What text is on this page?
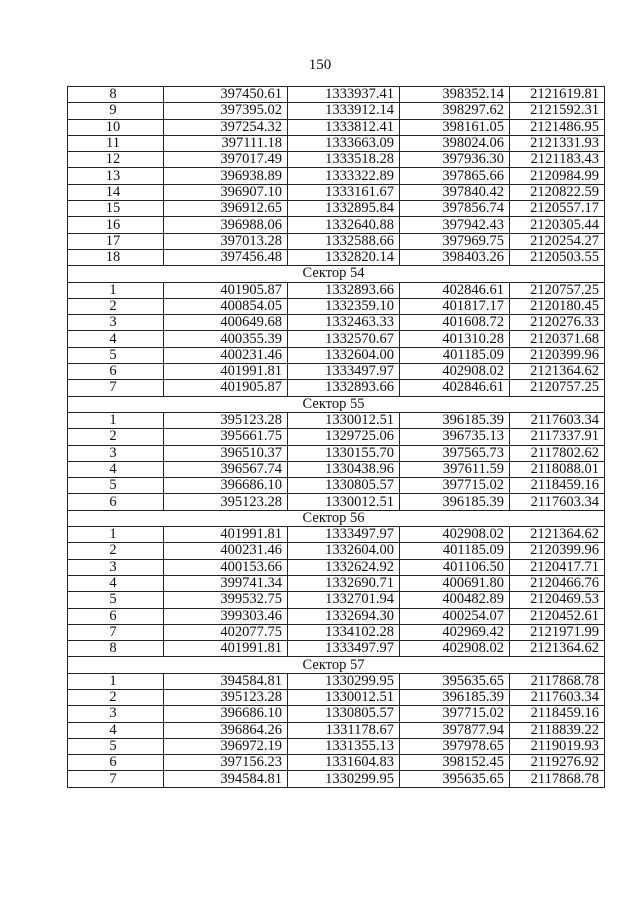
150
8	397450.61	1333937.41	398352.14	2121619.81
9	397395.02	1333912.14	398297.62	2121592.31
10	397254.32	1333812.41	398161.05	2121486.95
11	397111.18	1333663.09	398024.06	2121331.93
12	397017.49	1333518.28	397936.30	2121183.43
13	396938.89	1333322.89	397865.66	2120984.99
14	396907.10	1333161.67	397840.42	2120822.59
15	396912.65	1332895.84	397856.74	2120557.17
16	396988.06	1332640.88	397942.43	2120305.44
17	397013.28	1332588.66	397969.75	2120254.27
18	397456.48	1332820.14	398403.26	2120503.55
Сектор 54				
1	401905.87	1332893.66	402846.61	2120757.25
2	400854.05	1332359.10	401817.17	2120180.45
3	400649.68	1332463.33	401608.72	2120276.33
4	400355.39	1332570.67	401310.28	2120371.68
5	400231.46	1332604.00	401185.09	2120399.96
6	401991.81	1333497.97	402908.02	2121364.62
7	401905.87	1332893.66	402846.61	2120757.25
Сектор 55				
1	395123.28	1330012.51	396185.39	2117603.34
2	395661.75	1329725.06	396735.13	2117337.91
3	396510.37	1330155.70	397565.73	2117802.62
4	396567.74	1330438.96	397611.59	2118088.01
5	396686.10	1330805.57	397715.02	2118459.16
6	395123.28	1330012.51	396185.39	2117603.34
Сектор 56				
1	401991.81	1333497.97	402908.02	2121364.62
2	400231.46	1332604.00	401185.09	2120399.96
3	400153.66	1332624.92	401106.50	2120417.71
4	399741.34	1332690.71	400691.80	2120466.76
5	399532.75	1332701.94	400482.89	2120469.53
6	399303.46	1332694.30	400254.07	2120452.61
7	402077.75	1334102.28	402969.42	2121971.99
8	401991.81	1333497.97	402908.02	2121364.62
Сектор 57				
1	394584.81	1330299.95	395635.65	2117868.78
2	395123.28	1330012.51	396185.39	2117603.34
3	396686.10	1330805.57	397715.02	2118459.16
4	396864.26	1331178.67	397877.94	2118839.22
5	396972.19	1331355.13	397978.65	2119019.93
6	397156.23	1331604.83	398152.45	2119276.92
7	394584.81	1330299.95	395635.65	2117868.78
